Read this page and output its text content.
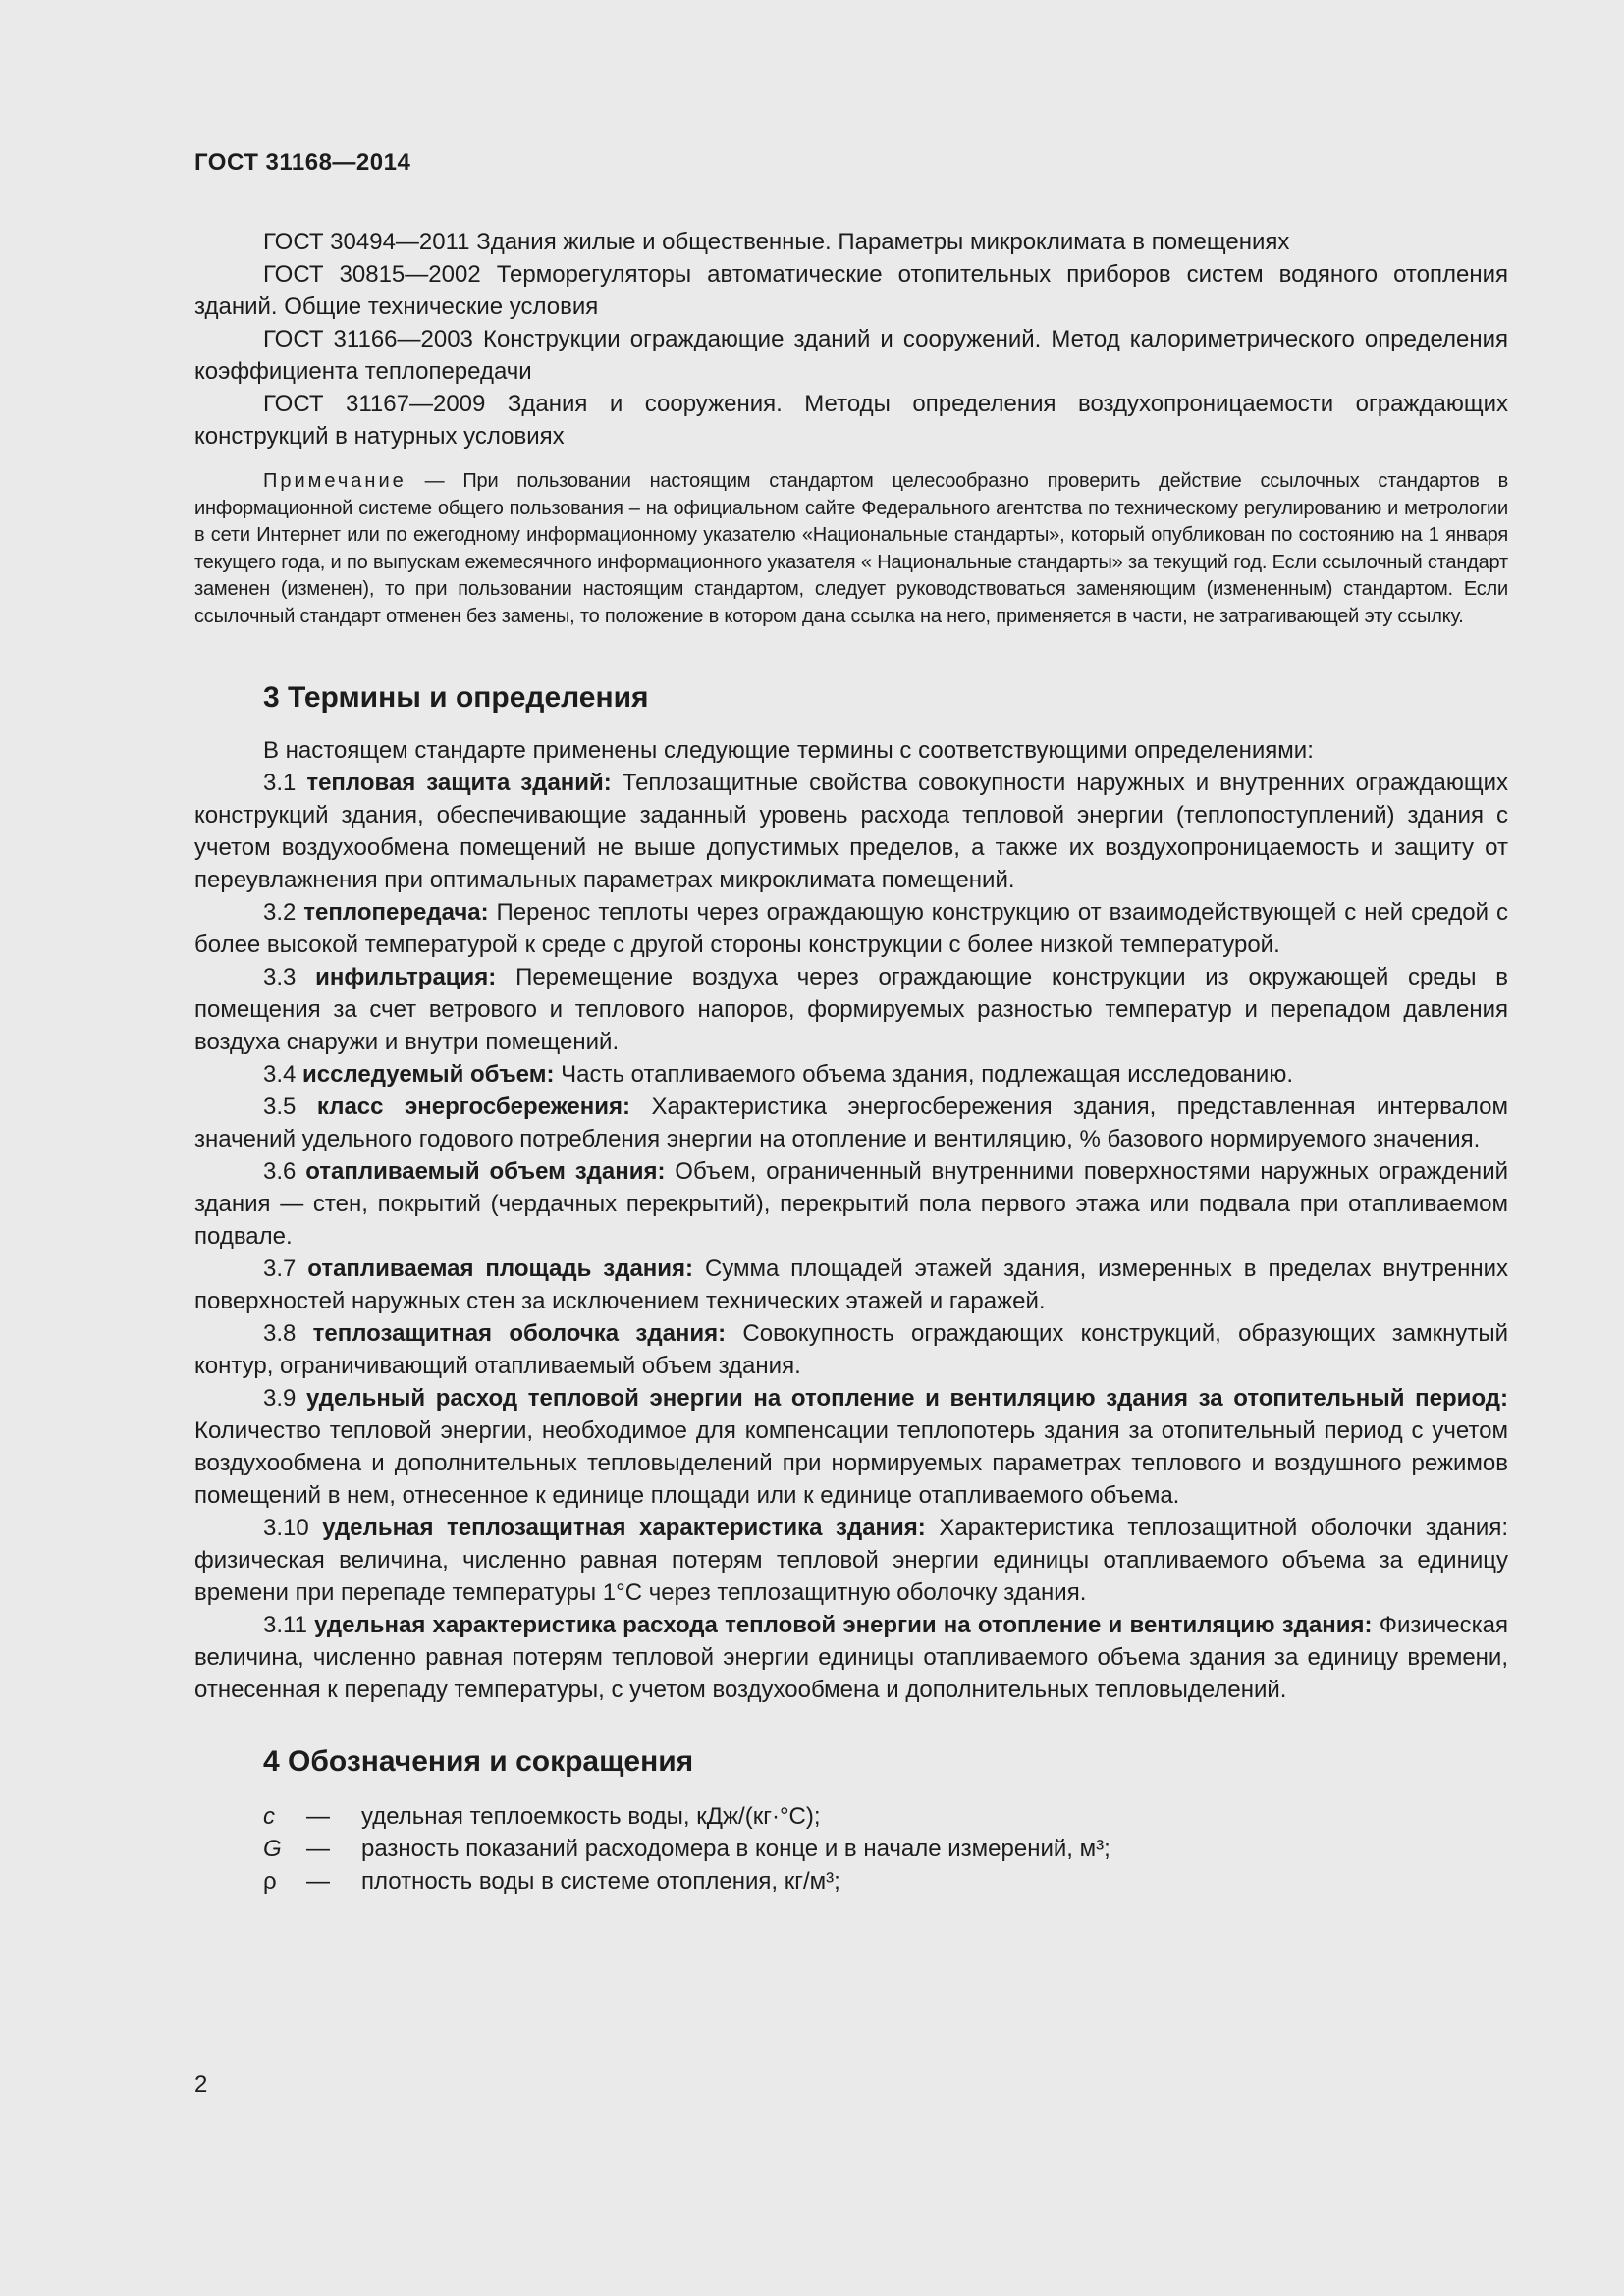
ГОСТ 31168—2014

ГОСТ 30494—2011 Здания жилые и общественные. Параметры микроклимата в помещениях

ГОСТ 30815—2002 Терморегуляторы автоматические отопительных приборов систем водяного отопления зданий. Общие технические условия

ГОСТ 31166—2003 Конструкции ограждающие зданий и сооружений. Метод калориметрического определения коэффициента теплопередачи

ГОСТ 31167—2009 Здания и сооружения. Методы определения воздухопроницаемости ограждающих конструкций в натурных условиях

Примечание — При пользовании настоящим стандартом целесообразно проверить действие ссылочных стандартов в информационной системе общего пользования – на официальном сайте Федерального агентства по техническому регулированию и метрологии в сети Интернет или по ежегодному информационному указателю «Национальные стандарты», который опубликован по состоянию на 1 января текущего года, и по выпускам ежемесячного информационного указателя « Национальные стандарты» за текущий год. Если ссылочный стандарт заменен (изменен), то при пользовании настоящим стандартом, следует руководствоваться заменяющим (измененным) стандартом. Если ссылочный стандарт отменен без замены, то положение в котором дана ссылка на него, применяется в части, не затрагивающей эту ссылку.

3 Термины и определения

В настоящем стандарте применены следующие термины с соответствующими определениями:

3.1 тепловая защита зданий: Теплозащитные свойства совокупности наружных и внутренних ограждающих конструкций здания, обеспечивающие заданный уровень расхода тепловой энергии (теплопоступлений) здания с учетом воздухообмена помещений не выше допустимых пределов, а также их воздухопроницаемость и защиту от переувлажнения при оптимальных параметрах микроклимата помещений.

3.2 теплопередача: Перенос теплоты через ограждающую конструкцию от взаимодействующей с ней средой с более высокой температурой к среде с другой стороны конструкции с более низкой температурой.

3.3 инфильтрация: Перемещение воздуха через ограждающие конструкции из окружающей среды в помещения за счет ветрового и теплового напоров, формируемых разностью температур и перепадом давления воздуха снаружи и внутри помещений.

3.4 исследуемый объем: Часть отапливаемого объема здания, подлежащая исследованию.

3.5 класс энергосбережения: Характеристика энергосбережения здания, представленная интервалом значений удельного годового потребления энергии на отопление и вентиляцию, % базового нормируемого значения.

3.6 отапливаемый объем здания: Объем, ограниченный внутренними поверхностями наружных ограждений здания — стен, покрытий (чердачных перекрытий), перекрытий пола первого этажа или подвала при отапливаемом подвале.

3.7 отапливаемая площадь здания: Сумма площадей этажей здания, измеренных в пределах внутренних поверхностей наружных стен за исключением технических этажей и гаражей.

3.8 теплозащитная оболочка здания: Совокупность ограждающих конструкций, образующих замкнутый контур, ограничивающий отапливаемый объем здания.

3.9 удельный расход тепловой энергии на отопление и вентиляцию здания за отопительный период: Количество тепловой энергии, необходимое для компенсации теплопотерь здания за отопительный период с учетом воздухообмена и дополнительных тепловыделений при нормируемых параметрах теплового и воздушного режимов помещений в нем, отнесенное к единице площади или к единице отапливаемого объема.

3.10 удельная теплозащитная характеристика здания: Характеристика теплозащитной оболочки здания: физическая величина, численно равная потерям тепловой энергии единицы отапливаемого объема за единицу времени при перепаде температуры 1°С через теплозащитную оболочку здания.

3.11 удельная характеристика расхода тепловой энергии на отопление и вентиляцию здания: Физическая величина, численно равная потерям тепловой энергии единицы отапливаемого объема здания за единицу времени, отнесенная к перепаду температуры, с учетом воздухообмена и дополнительных тепловыделений.

4 Обозначения и сокращения
c	—	удельная теплоемкость воды, кДж/(кг·°С);
G	—	разность показаний расходомера в конце и в начале измерений, м³;
ρ	—	плотность воды в системе отопления, кг/м³;
2
